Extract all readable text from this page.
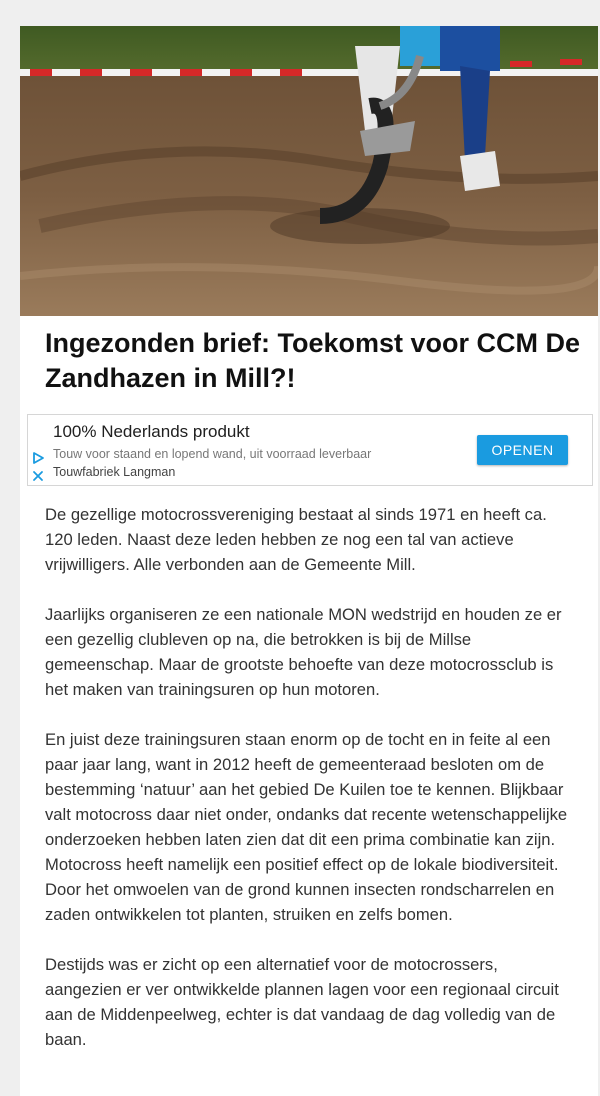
Ingezonden brief: Toekomst voor CCM De Zandhazen in Mill?!
100% Nederlands produkt
Touw voor staand en lopend wand, uit voorraad leverbaar
Touwfabriek Langman
OPENEN

De gezellige motocrossvereniging bestaat al sinds 1971 en heeft ca. 120 leden. Naast deze leden hebben ze nog een tal van actieve vrijwilligers. Alle verbonden aan de Gemeente Mill.

Jaarlijks organiseren ze een nationale MON wedstrijd en houden ze er een gezellig clubleven op na, die betrokken is bij de Millse gemeenschap. Maar de grootste behoefte van deze motocrossclub is het maken van trainingsuren op hun motoren.

En juist deze trainingsuren staan enorm op de tocht en in feite al een paar jaar lang, want in 2012 heeft de gemeenteraad besloten om de bestemming ‘natuur’ aan het gebied De Kuilen toe te kennen. Blijkbaar valt motocross daar niet onder, ondanks dat recente wetenschappelijke onderzoeken hebben laten zien dat dit een prima combinatie kan zijn. Motocross heeft namelijk een positief effect op de lokale biodiversiteit. Door het omwoelen van de grond kunnen insecten rondscharrelen en zaden ontwikkelen tot planten, struiken en zelfs bomen.

Destijds was er zicht op een alternatief voor de motocrossers, aangezien er ver ontwikkelde plannen lagen voor een regionaal circuit aan de Middenpeelweg, echter is dat vandaag de dag volledig van de baan.
